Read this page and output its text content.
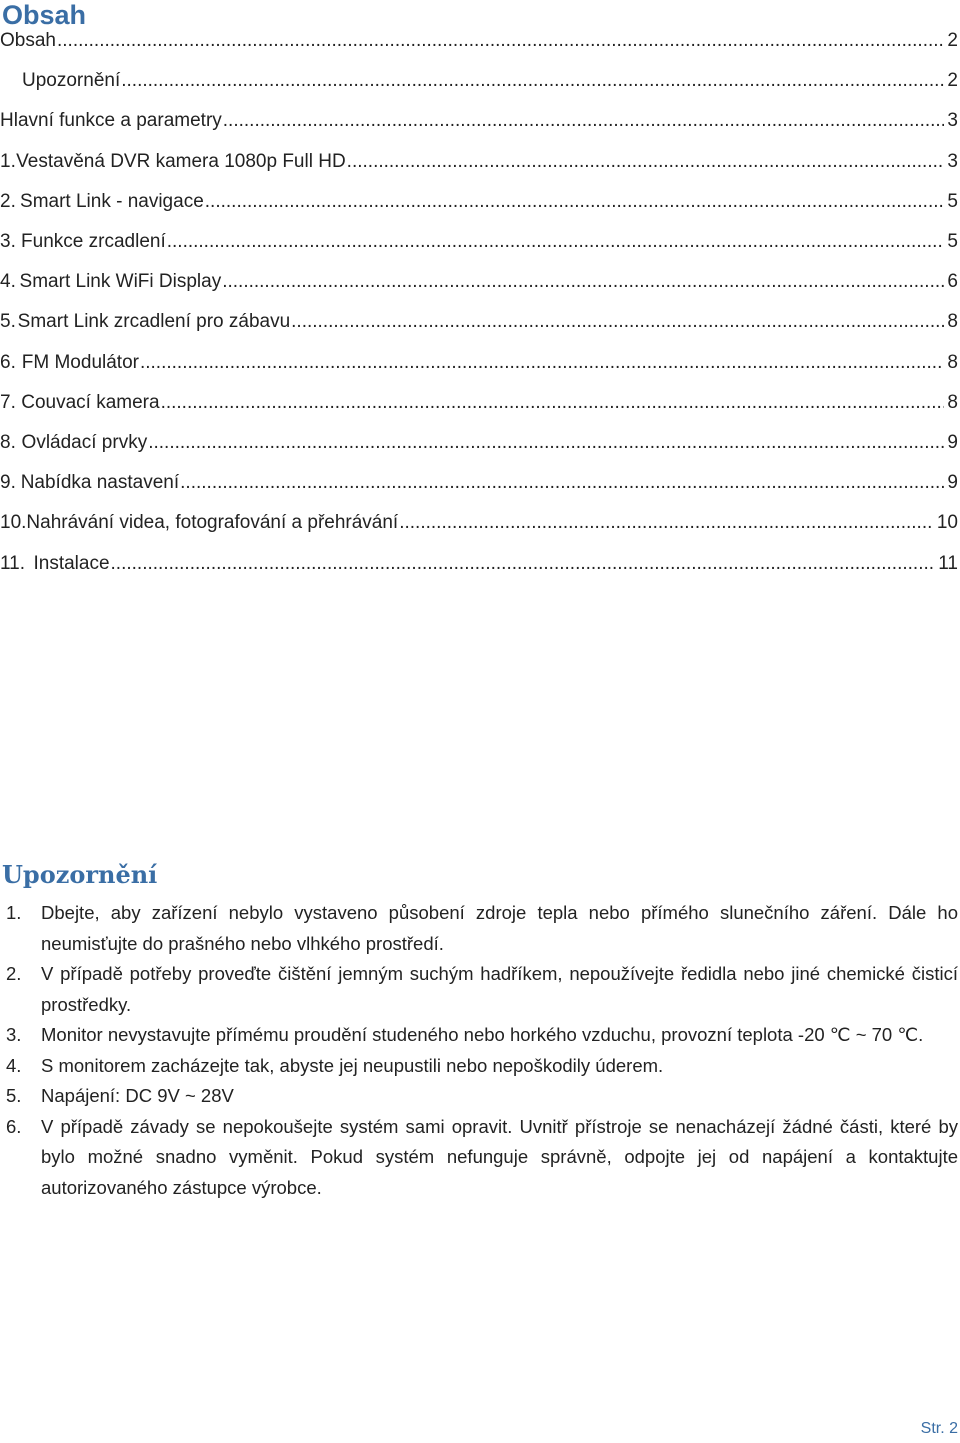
Obsah
Obsah .....	2
Upozornění .....	2
Hlavní funkce a parametry .....	3
1. Vestavěná DVR kamera 1080p Full HD .....	3
2. Smart Link - navigace .....	5
3. Funkce zrcadlení .....	5
4. Smart Link WiFi Display .....	6
5. Smart Link zrcadlení pro zábavu .....	8
6. FM Modulátor .....	8
7. Couvací kamera .....	8
8. Ovládací prvky .....	9
9. Nabídka nastavení .....	9
10. Nahrávání videa, fotografování a přehrávání .....	10
11. Instalace .....	11
Upozornění
1.	Dbejte, aby zařízení nebylo vystaveno působení zdroje tepla nebo přímého slunečního záření. Dále ho neumisťujte do prašného nebo vlhkého prostředí.
2.	V případě potřeby proveďte čištění jemným suchým hadříkem, nepoužívejte ředidla nebo jiné chemické čisticí prostředky.
3.	Monitor nevystavujte přímému proudění studeného nebo horkého vzduchu, provozní teplota -20 ℃ ~ 70 ℃.
4.	S monitorem zacházejte tak, abyste jej neupustili nebo nepoškodily úderem.
5.	Napájení: DC 9V ~ 28V
6.	V případě závady se nepokoušejte systém sami opravit. Uvnitř přístroje se nenacházejí žádné části, které by bylo možné snadno vyměnit. Pokud systém nefunguje správně, odpojte jej od napájení a kontaktujte autorizovaného zástupce výrobce.
Str. 2
